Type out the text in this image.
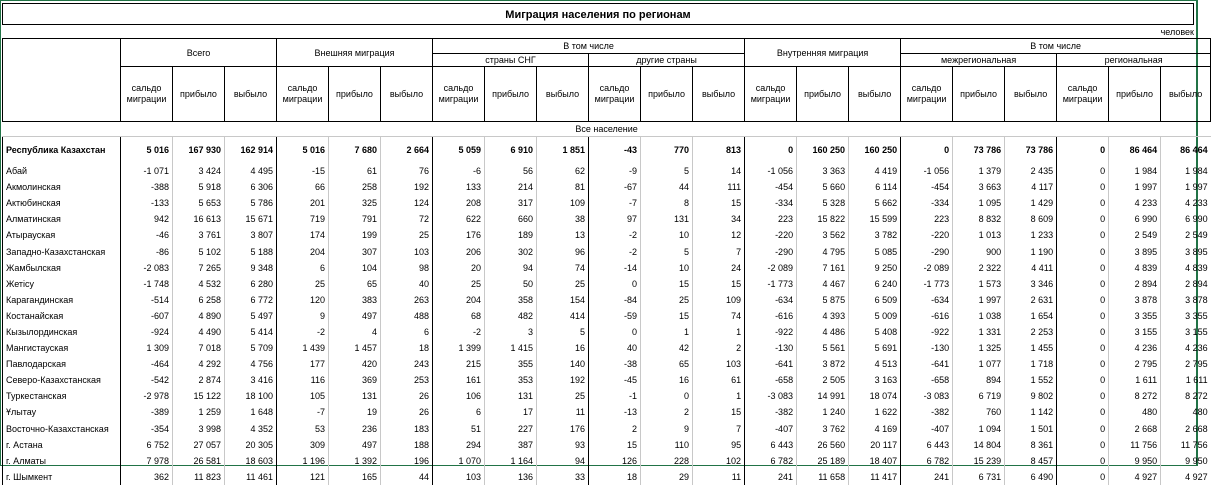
Миграция населения по регионам
человек
	Всего			Внешняя миграция			В том числе						Внутренняя миграция			В том числе					
							страны СНГ			другие страны						межрегиональная			региональная		
	сальдо миграции	прибыло	выбыло	сальдо миграции	прибыло	выбыло	сальдо миграции	прибыло	выбыло	сальдо миграции	прибыло	выбыло	сальдо миграции	прибыло	выбыло	сальдо миграции	прибыло	выбыло	сальдо миграции	прибыло	выбыло
Все население																					
Республика Казахстан	5 016	167 930	162 914	5 016	7 680	2 664	5 059	6 910	1 851	-43	770	813	0	160 250	160 250	0	73 786	73 786	0	86 464	86 464
Абай	-1 071	3 424	4 495	-15	61	76	-6	56	62	-9	5	14	-1 056	3 363	4 419	-1 056	1 379	2 435	0	1 984	1 984
Акмолинская	-388	5 918	6 306	66	258	192	133	214	81	-67	44	111	-454	5 660	6 114	-454	3 663	4 117	0	1 997	1 997
Актюбинская	-133	5 653	5 786	201	325	124	208	317	109	-7	8	15	-334	5 328	5 662	-334	1 095	1 429	0	4 233	4 233
Алматинская	942	16 613	15 671	719	791	72	622	660	38	97	131	34	223	15 822	15 599	223	8 832	8 609	0	6 990	6 990
Атырауская	-46	3 761	3 807	174	199	25	176	189	13	-2	10	12	-220	3 562	3 782	-220	1 013	1 233	0	2 549	2 549
Западно-Казахстанская	-86	5 102	5 188	204	307	103	206	302	96	-2	5	7	-290	4 795	5 085	-290	900	1 190	0	3 895	3 895
Жамбылская	-2 083	7 265	9 348	6	104	98	20	94	74	-14	10	24	-2 089	7 161	9 250	-2 089	2 322	4 411	0	4 839	4 839
Жетісу	-1 748	4 532	6 280	25	65	40	25	50	25	0	15	15	-1 773	4 467	6 240	-1 773	1 573	3 346	0	2 894	2 894
Карагандинская	-514	6 258	6 772	120	383	263	204	358	154	-84	25	109	-634	5 875	6 509	-634	1 997	2 631	0	3 878	3 878
Костанайская	-607	4 890	5 497	9	497	488	68	482	414	-59	15	74	-616	4 393	5 009	-616	1 038	1 654	0	3 355	3 355
Кызылординская	-924	4 490	5 414	-2	4	6	-2	3	5	0	1	1	-922	4 486	5 408	-922	1 331	2 253	0	3 155	3 155
Мангистауская	1 309	7 018	5 709	1 439	1 457	18	1 399	1 415	16	40	42	2	-130	5 561	5 691	-130	1 325	1 455	0	4 236	4 236
Павлодарская	-464	4 292	4 756	177	420	243	215	355	140	-38	65	103	-641	3 872	4 513	-641	1 077	1 718	0	2 795	2 795
Северо-Казахстанская	-542	2 874	3 416	116	369	253	161	353	192	-45	16	61	-658	2 505	3 163	-658	894	1 552	0	1 611	1 611
Туркестанская	-2 978	15 122	18 100	105	131	26	106	131	25	-1	0	1	-3 083	14 991	18 074	-3 083	6 719	9 802	0	8 272	8 272
Ұлытау	-389	1 259	1 648	-7	19	26	6	17	11	-13	2	15	-382	1 240	1 622	-382	760	1 142	0	480	480
Восточно-Казахстанская	-354	3 998	4 352	53	236	183	51	227	176	2	9	7	-407	3 762	4 169	-407	1 094	1 501	0	2 668	2 668
г. Астана	6 752	27 057	20 305	309	497	188	294	387	93	15	110	95	6 443	26 560	20 117	6 443	14 804	8 361	0	11 756	11 756
г. Алматы	7 978	26 581	18 603	1 196	1 392	196	1 070	1 164	94	126	228	102	6 782	25 189	18 407	6 782	15 239	8 457	0	9 950	9 950
г. Шымкент	362	11 823	11 461	121	165	44	103	136	33	18	29	11	241	11 658	11 417	241	6 731	6 490	0	4 927	4 927
